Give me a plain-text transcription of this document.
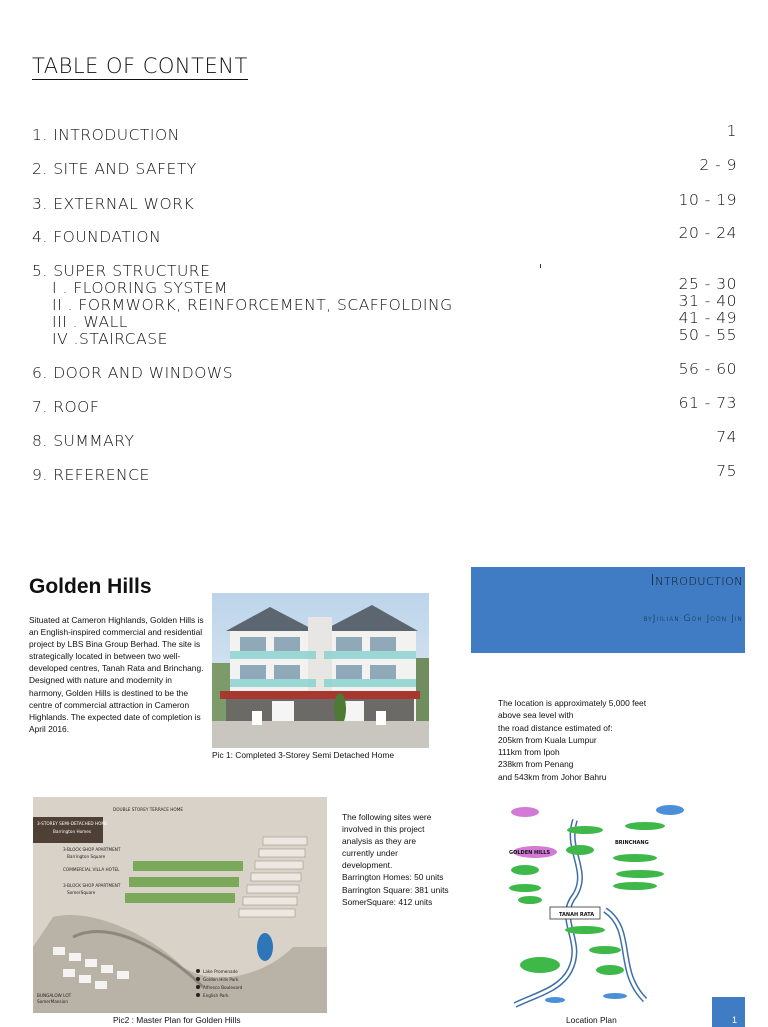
TABLE OF CONTENT
1. INTRODUCTION	1
2. SITE AND SAFETY	2 - 9
3. EXTERNAL WORK	10 - 19
4. FOUNDATION	20 - 24
5. SUPER STRUCTURE
I . FLOORING SYSTEM	25 - 30
II . FORMWORK, REINFORCEMENT, SCAFFOLDING	31 - 40
III . WALL	41 - 49
IV .STAIRCASE	50 - 55
6. DOOR AND WINDOWS	56 - 60
7. ROOF	61 - 73
8. SUMMARY	74
9. REFERENCE	75
Golden Hills
Situated at Cameron Highlands, Golden Hills is an English-inspired commercial and residential project by LBS Bina Group Berhad. The site is strategically located in between two well-developed centres, Tanah Rata and Brinchang. Designed with nature and modernity in harmony, Golden Hills is destined to be the centre of commercial attraction in Cameron Highlands. The expected date of completion is April 2016.
Pic 1: Completed 3-Storey Semi Detached Home
Introduction
byJiilian Goh Joon Jin
The location is approximately 5,000 feet
above sea level with
the road distance estimated of:
205km from Kuala Lumpur
111km from Ipoh
238km from Penang
and 543km from Johor Bahru
DOUBLE STOREY TERRACE HOME
3-STOREY SEMI-DETACHED HOME
Barrington Homes
3-BLOCK SHOP APARTMENT
Barrington Square
COMMERCIAL VILLA HOTEL
3-BLOCK SHOP APARTMENT
SomerSquare
BUNGALOW LOT
SomerMansion
Lake Promenade
Golden Hills Park
Alfresco Boulevard
English Park
Pic2 : Master Plan for Golden Hills
The following sites were
involved in this project
analysis as they are
currently under
development.
Barrington Homes: 50 units
Barrington Square: 381 units
SomerSquare: 412 units
GOLDEN HILLS
BRINCHANG
TANAH RATA
Location Plan	1
